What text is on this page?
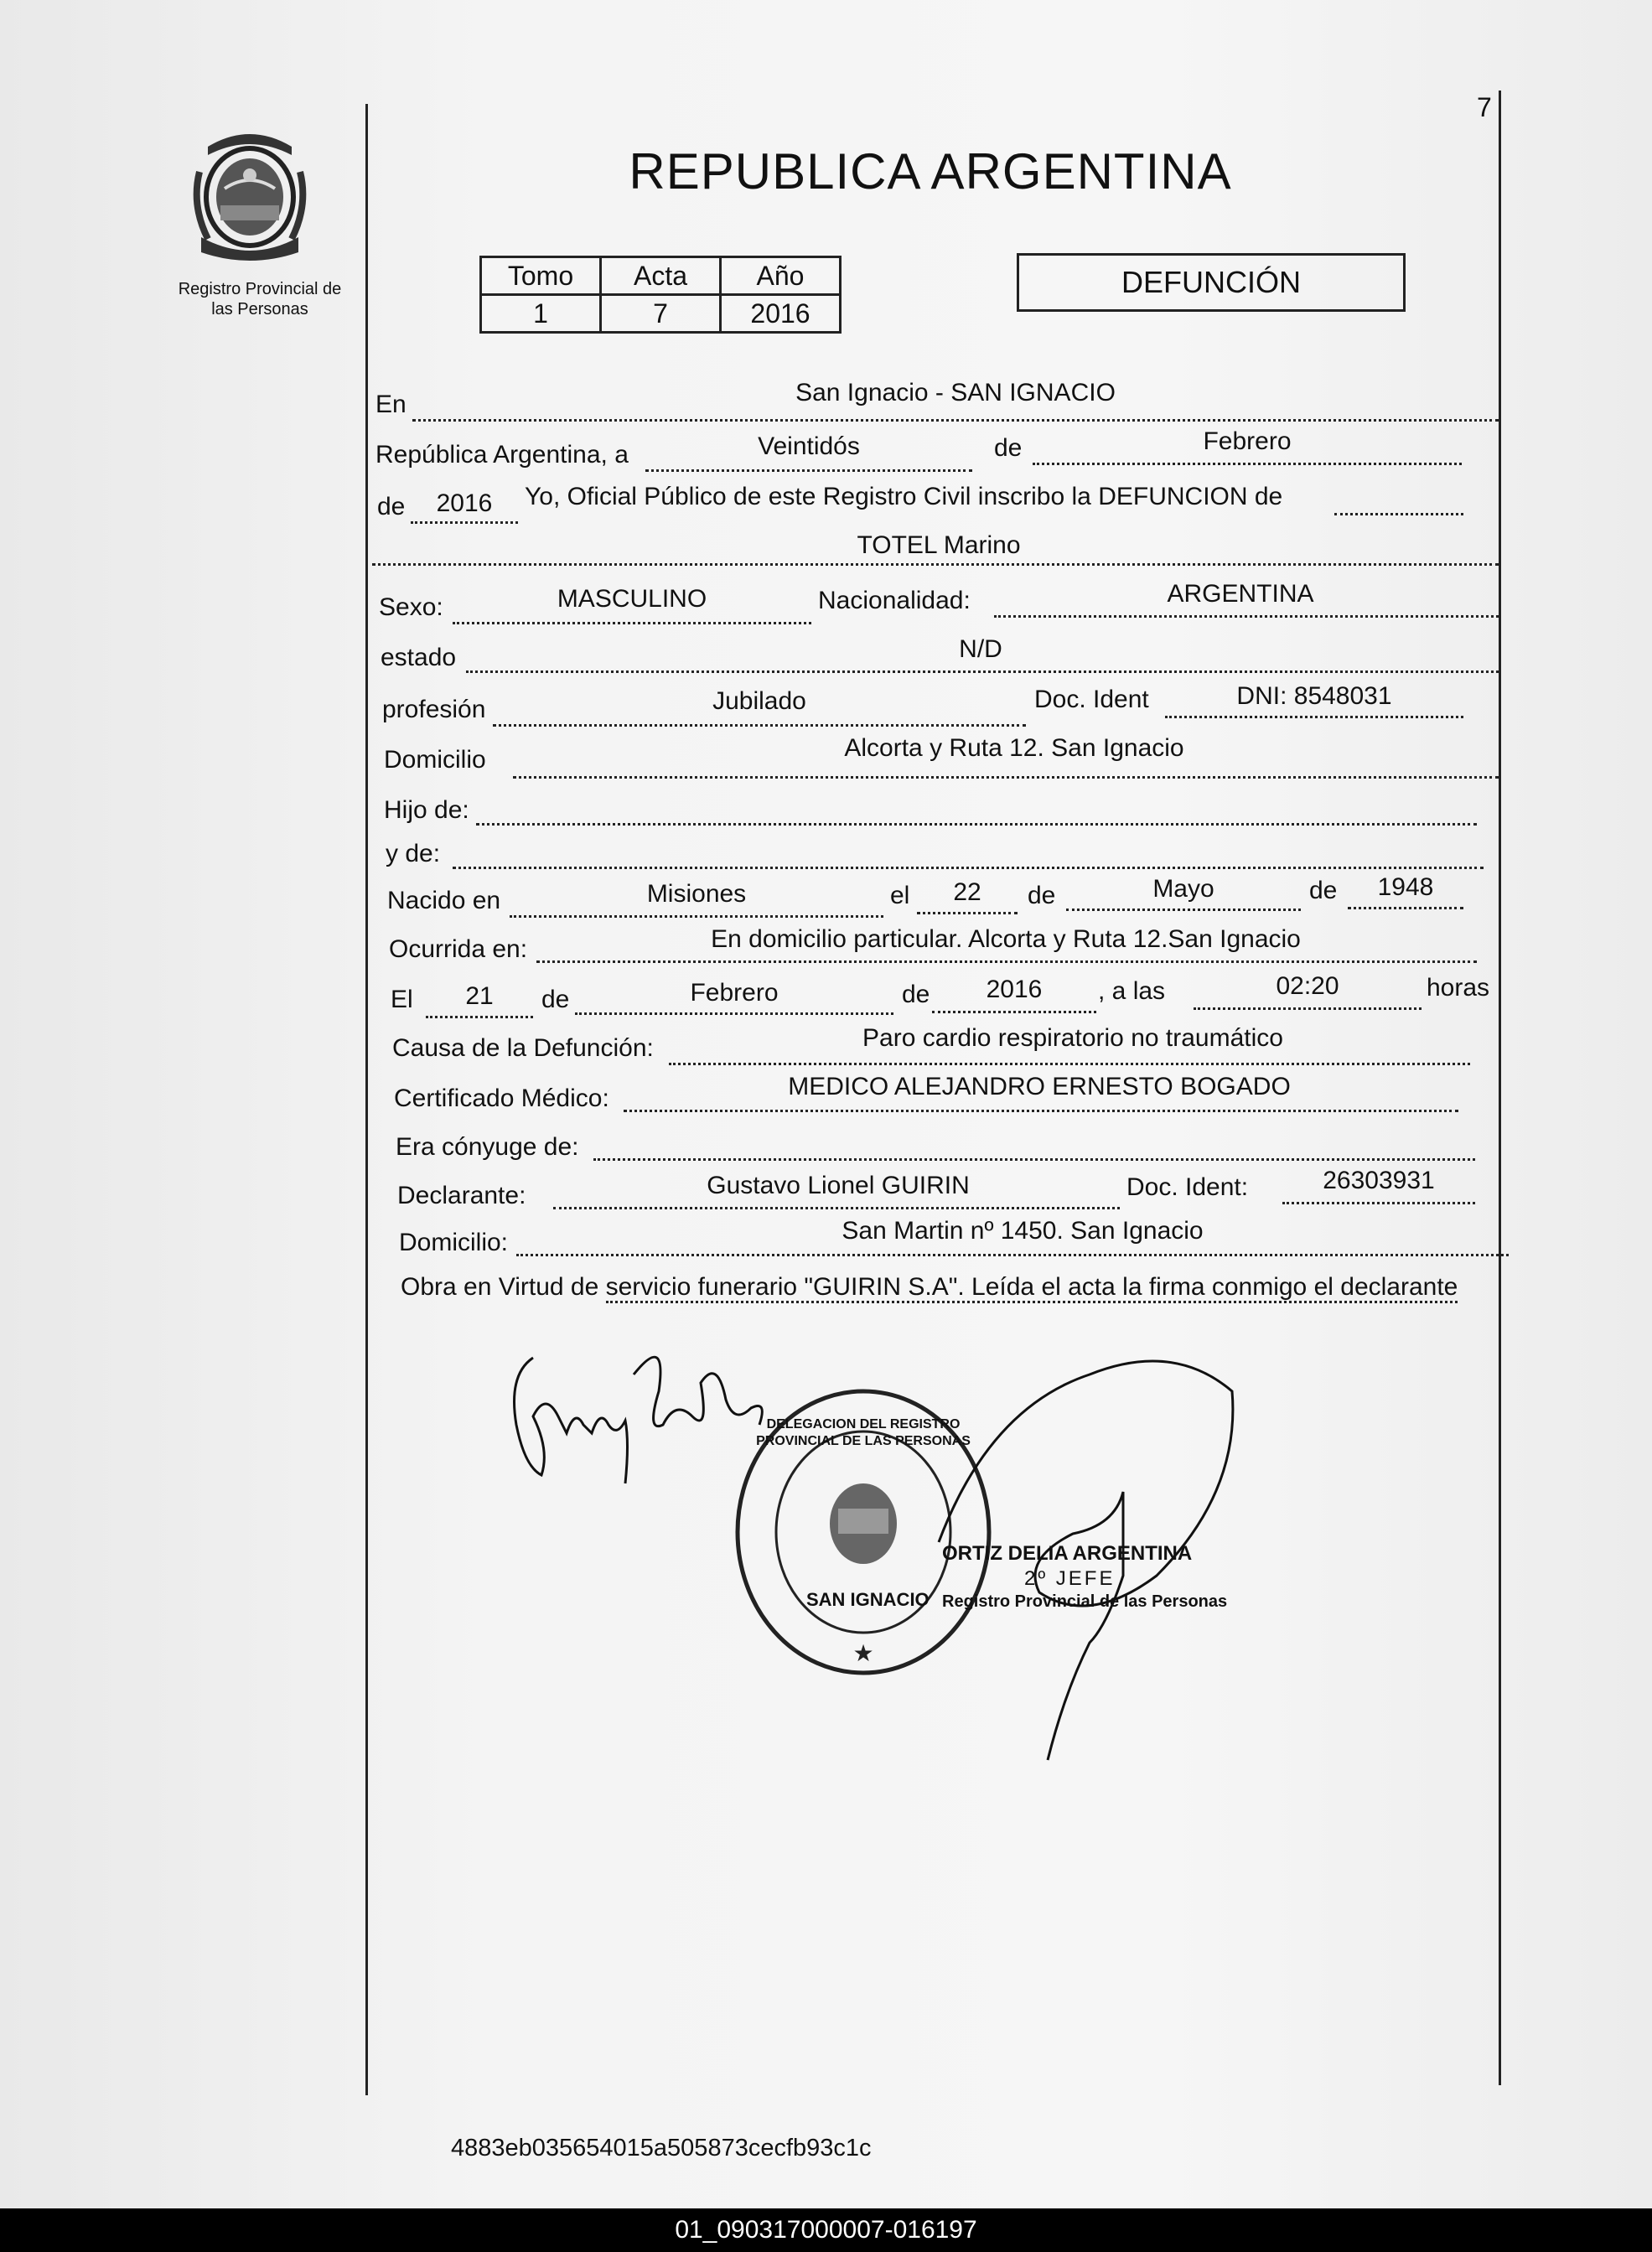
Registro Provincial de
las Personas
7
REPUBLICA ARGENTINA
Tomo	Acta	Año
1	7	2016
DEFUNCIÓN
En	San Ignacio - SAN IGNACIO
República Argentina, a	Veintidós	de	Febrero
de	2016	Yo, Oficial Público de este Registro Civil inscribo la DEFUNCION de
TOTEL Marino
Sexo:	MASCULINO	Nacionalidad:	ARGENTINA
estado	N/D
profesión	Jubilado	Doc. Ident	DNI: 8548031
Domicilio	Alcorta y Ruta 12. San Ignacio
Hijo de:
y de:
Nacido en	Misiones	el	22	de	Mayo	de	1948
Ocurrida en:	En domicilio particular. Alcorta y Ruta 12.San Ignacio
El	21	de	Febrero	de	2016	, a las	02:20	horas
Causa de la Defunción:	Paro cardio respiratorio no traumático
Certificado Médico:	MEDICO ALEJANDRO ERNESTO BOGADO
Era cónyuge de:
Declarante:	Gustavo Lionel GUIRIN	Doc. Ident:	26303931
Domicilio:	San Martin nº 1450. San Ignacio
Obra en Virtud de servicio funerario "GUIRIN S.A". Leída el acta la firma conmigo el declarante
★
SAN IGNACIO
DELEGACION DEL REGISTRO PROVINCIAL DE LAS PERSONAS
ORTIZ DELIA ARGENTINA
2º JEFE
Registro Provincial de las Personas
4883eb035654015a505873cecfb93c1c
01_090317000007-016197
